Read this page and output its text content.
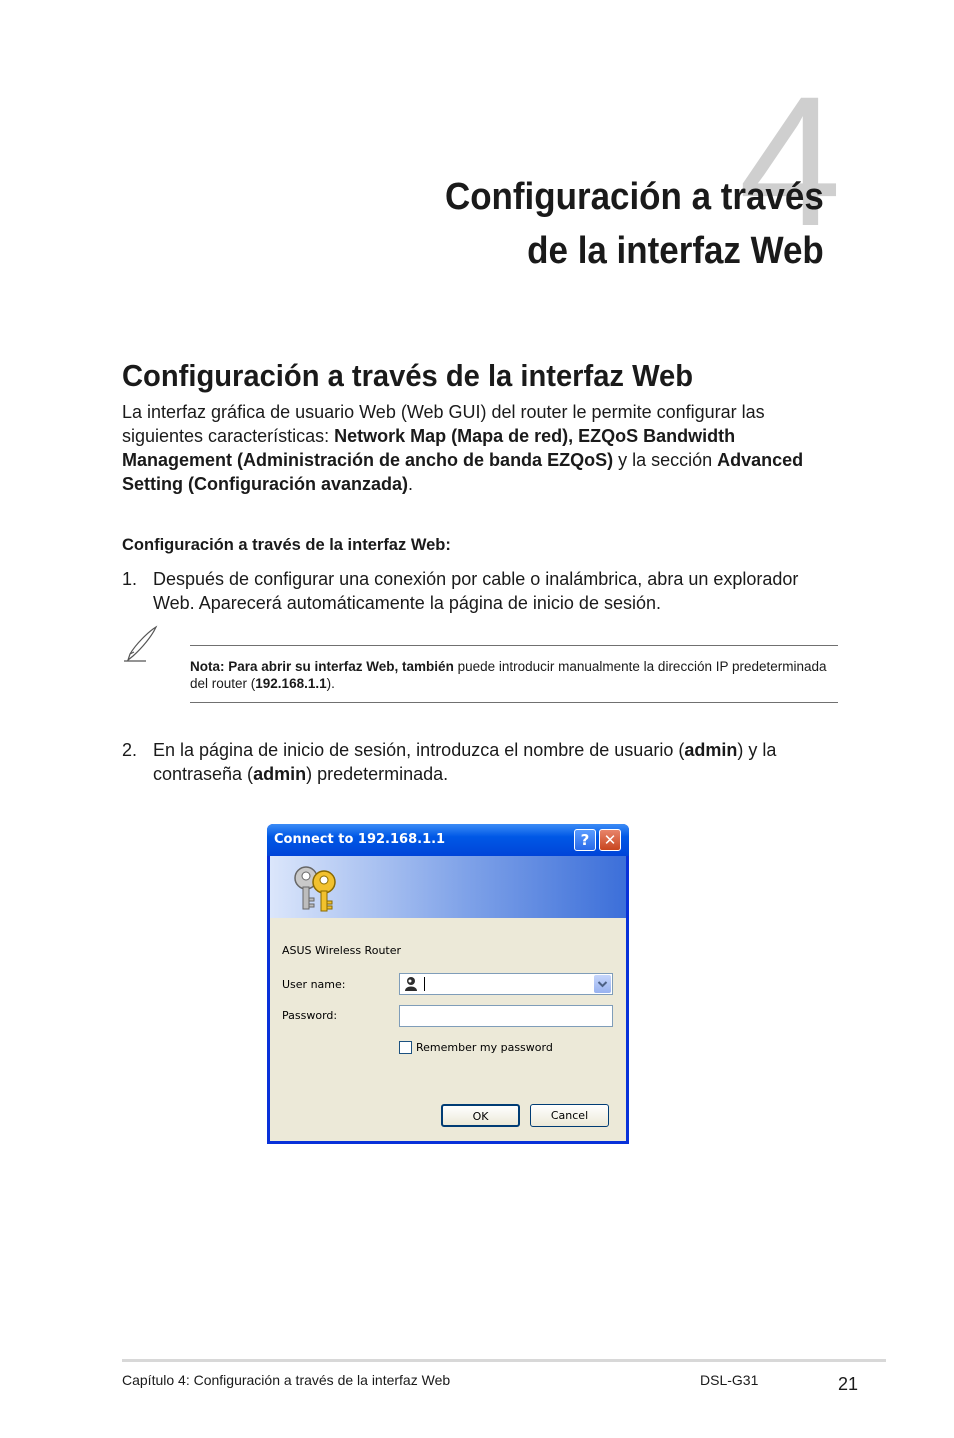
4
Configuración a través
de la interfaz Web
Configuración a través de la interfaz Web
La interfaz gráfica de usuario Web (Web GUI) del router le permite configurar las siguientes características: Network Map (Mapa de red), EZQoS Bandwidth Management (Administración de ancho de banda EZQoS) y la sección Advanced Setting (Configuración avanzada).
Configuración a través de la interfaz Web:
1. Después de configurar una conexión por cable o inalámbrica, abra un explorador Web. Aparecerá automáticamente la página de inicio de sesión.
Nota: Para abrir su interfaz Web, también puede introducir manualmente la dirección IP predeterminada del router (192.168.1.1).
2. En la página de inicio de sesión, introduzca el nombre de usuario (admin) y la contraseña (admin) predeterminada.
Connect to 192.168.1.1	? ✕
ASUS Wireless Router
User name:
Password:
Remember my password
OK	Cancel
Capítulo 4: Configuración a través de la interfaz Web	DSL-G31	21
